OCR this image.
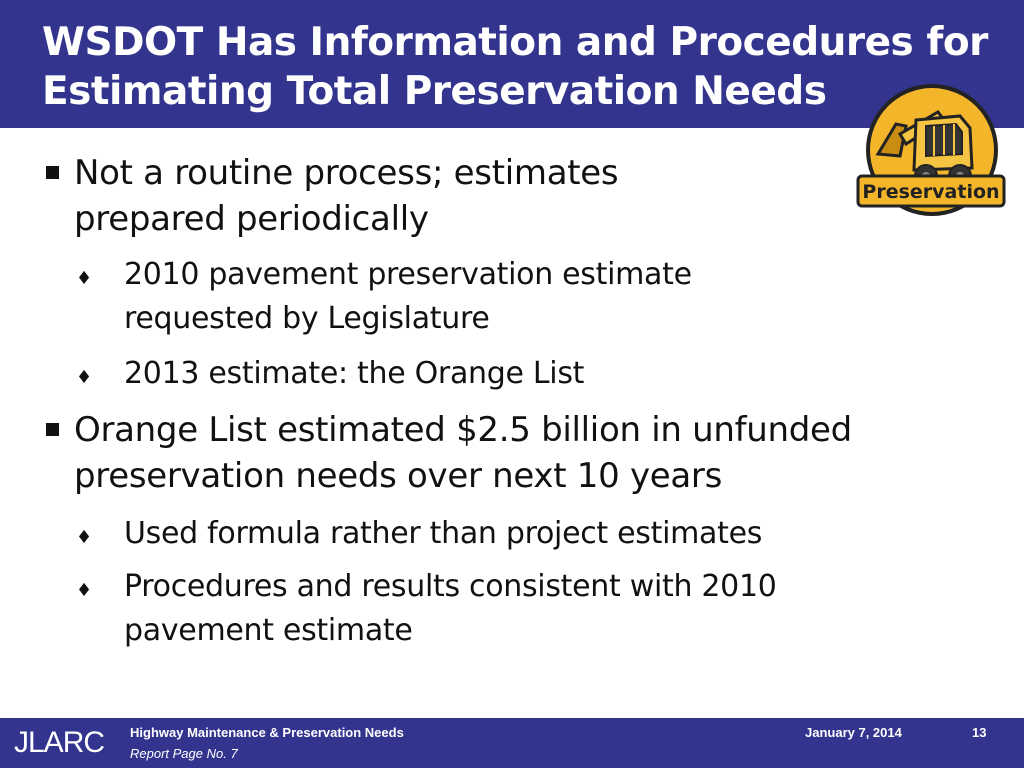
WSDOT Has Information and Procedures for
Estimating Total Preservation Needs
Preservation
Not a routine process; estimates
prepared periodically
♦ 2010 pavement preservation estimate
requested by Legislature
♦ 2013 estimate: the Orange List
Orange List estimated $2.5 billion in unfunded
preservation needs over next 10 years
♦ Used formula rather than project estimates
♦ Procedures and results consistent with 2010
pavement estimate
JLARC Highway Maintenance & Preservation Needs
Report Page No. 7
January 7, 2014	13
